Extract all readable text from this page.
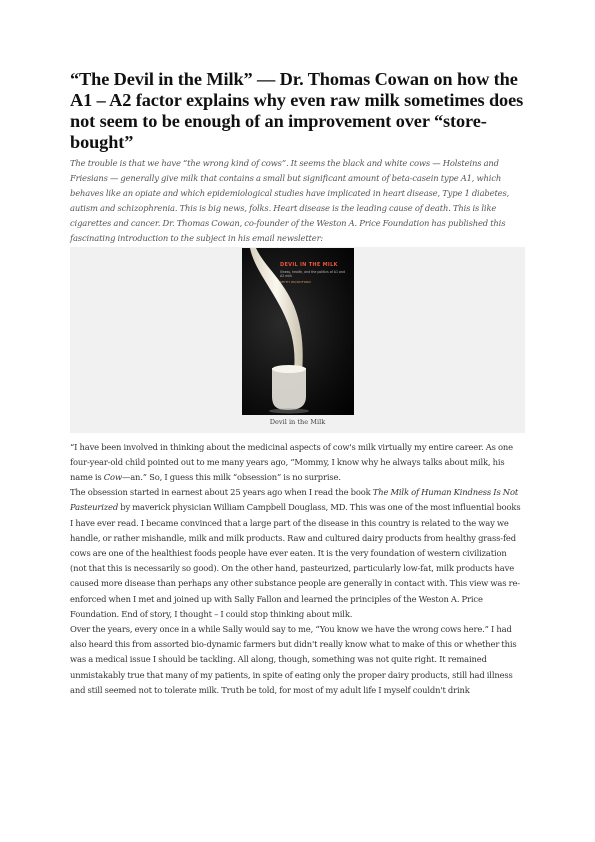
“The Devil in the Milk” — Dr. Thomas Cowan on how the A1 – A2 factor explains why even raw milk sometimes does not seem to be enough of an improvement over “store-bought”

The trouble is that we have “the wrong kind of cows”. It seems the black and white cows — Holsteins and Friesians — generally give milk that contains a small but significant amount of beta-casein type A1, which behaves like an opiate and which epidemiological studies have implicated in heart disease, Type 1 diabetes, autism and schizophrenia. This is big news, folks. Heart disease is the leading cause of death. This is like cigarettes and cancer. Dr. Thomas Cowan, co-founder of the Weston A. Price Foundation has published this fascinating introduction to the subject in his email newsletter:

DEVIL IN THE MILK
Illness, health, and the politics of A1 and A2 milk
KEITH WOODFORD
Devil in the Milk

“I have been involved in thinking about the medicinal aspects of cow's milk virtually my entire career. As one four-year-old child pointed out to me many years ago, “Mommy, I know why he always talks about milk, his name is Cow—an.” So, I guess this milk “obsession” is no surprise.

The obsession started in earnest about 25 years ago when I read the book The Milk of Human Kindness Is Not Pasteurized by maverick physician William Campbell Douglass, MD. This was one of the most influential books I have ever read. I became convinced that a large part of the disease in this country is related to the way we handle, or rather mishandle, milk and milk products. Raw and cultured dairy products from healthy grass-fed cows are one of the healthiest foods people have ever eaten. It is the very foundation of western civilization (not that this is necessarily so good). On the other hand, pasteurized, particularly low-fat, milk products have caused more disease than perhaps any other substance people are generally in contact with. This view was re- enforced when I met and joined up with Sally Fallon and learned the principles of the Weston A. Price Foundation. End of story, I thought – I could stop thinking about milk.

Over the years, every once in a while Sally would say to me, “You know we have the wrong cows here.” I had also heard this from assorted bio-dynamic farmers but didn't really know what to make of this or whether this was a medical issue I should be tackling. All along, though, something was not quite right. It remained unmistakably true that many of my patients, in spite of eating only the proper dairy products, still had illness and still seemed not to tolerate milk. Truth be told, for most of my adult life I myself couldn't drink
